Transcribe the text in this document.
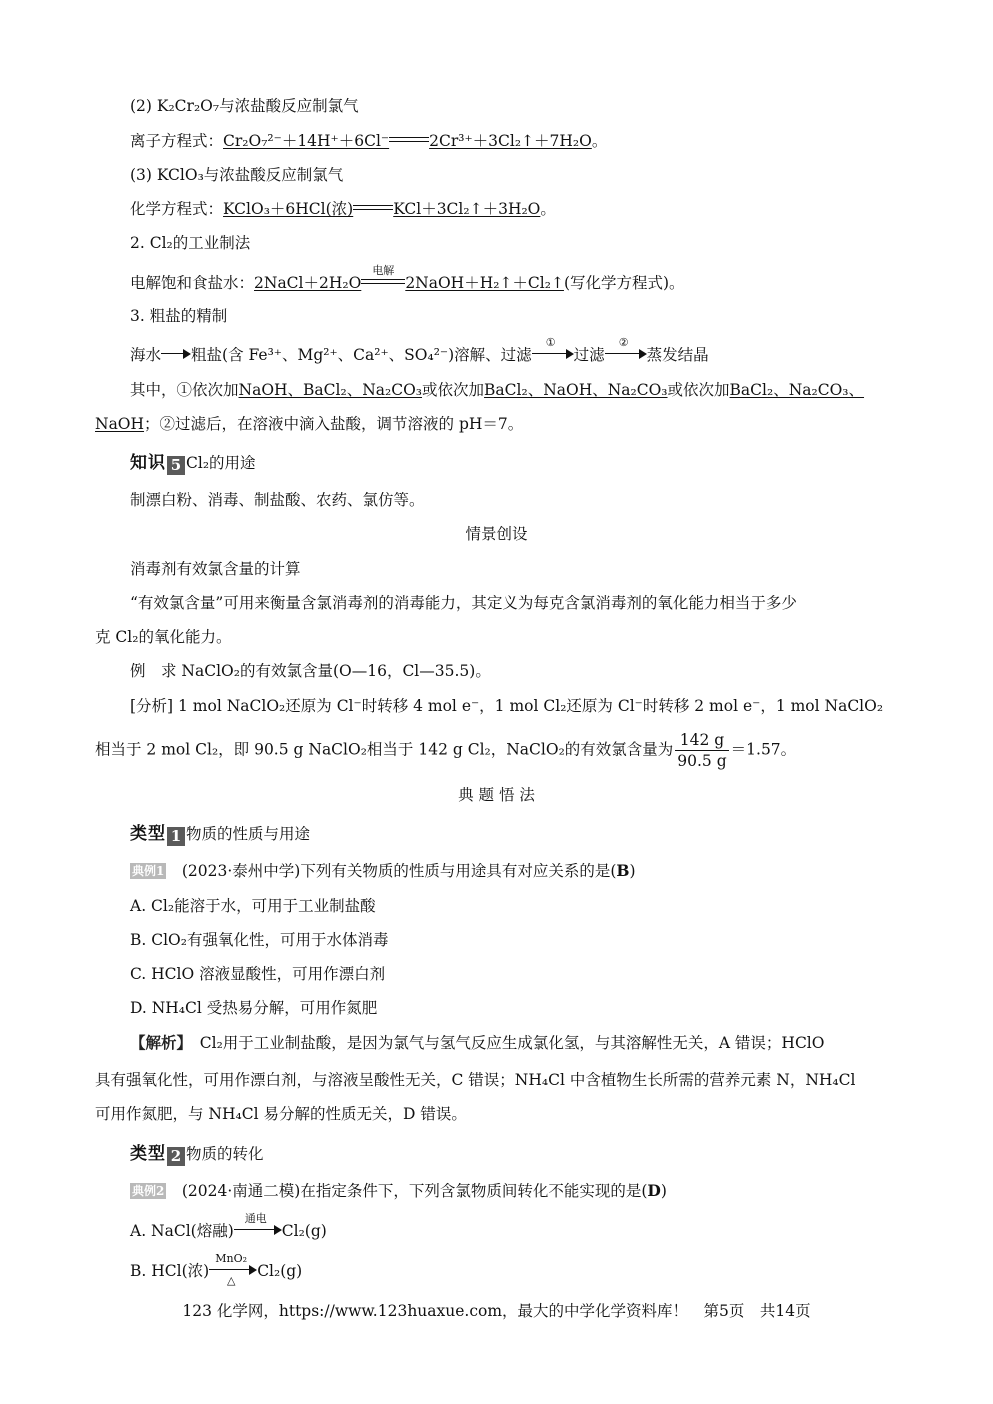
(2) K₂Cr₂O₇与浓盐酸反应制氯气
离子方程式：Cr₂O₇²⁻＋14H⁺＋6Cl⁻	2Cr³⁺＋3Cl₂↑＋7H₂O。
(3) KClO₃与浓盐酸反应制氯气
化学方程式：KClO₃＋6HCl(浓)	KCl＋3Cl₂↑＋3H₂O。
2. Cl₂的工业制法
电解饱和食盐水：2NaCl＋2H₂O
电解
2NaOH＋H₂↑＋Cl₂↑(写化学方程式)。
3. 粗盐的精制
海水 粗盐(含 Fe³⁺、Mg²⁺、Ca²⁺、SO₄²⁻)溶解、过滤
①
过滤
②
蒸发结晶
其中，①依次加NaOH、BaCl₂、Na₂CO₃或依次加BaCl₂、NaOH、Na₂CO₃或依次加BaCl₂、Na₂CO₃、
NaOH；②过滤后，在溶液中滴入盐酸，调节溶液的 pH＝7。
知识 5 Cl₂的用途
制漂白粉、消毒、制盐酸、农药、氯仿等。
情景创设
消毒剂有效氯含量的计算
“有效氯含量”可用来衡量含氯消毒剂的消毒能力，其定义为每克含氯消毒剂的氧化能力相当于多少
克 Cl₂的氧化能力。
例　求 NaClO₂的有效氯含量(O—16，Cl—35.5)。
[分析] 1 mol NaClO₂还原为 Cl⁻时转移 4 mol e⁻，1 mol Cl₂还原为 Cl⁻时转移 2 mol e⁻，1 mol NaClO₂
相当于 2 mol Cl₂，即 90.5 g NaClO₂相当于 142 g Cl₂，NaClO₂的有效氯含量为 $\frac{142 g}{90.5 g} =1.57$。
典 题 悟 法
类型 1 物质的性质与用途
典例1　 (2023·泰州中学)下列有关物质的性质与用途具有对应关系的是(B)
A. Cl₂能溶于水，可用于工业制盐酸
B. ClO₂有强氧化性，可用于水体消毒
C. HClO 溶液显酸性，可用作漂白剂
D. NH₄Cl 受热易分解，可用作氮肥
【解析】　 Cl₂用于工业制盐酸，是因为氯气与氢气反应生成氯化氢，与其溶解性无关，A 错误；HClO
具有强氧化性，可用作漂白剂，与溶液呈酸性无关，C 错误；NH₄Cl 中含植物生长所需的营养元素 N，NH₄Cl
可用作氮肥，与 NH₄Cl 易分解的性质无关，D 错误。
类型 2 物质的转化
典例2　 (2024·南通二模)在指定条件下，下列含氯物质间转化不能实现的是(D)
A. NaCl(熔融)
通电
Cl₂(g)
B. HCl(浓)
MnO₂
△
Cl₂(g)
123 化学网，https://www.123huaxue.com，最大的中学化学资料库！　第5页　共14页
